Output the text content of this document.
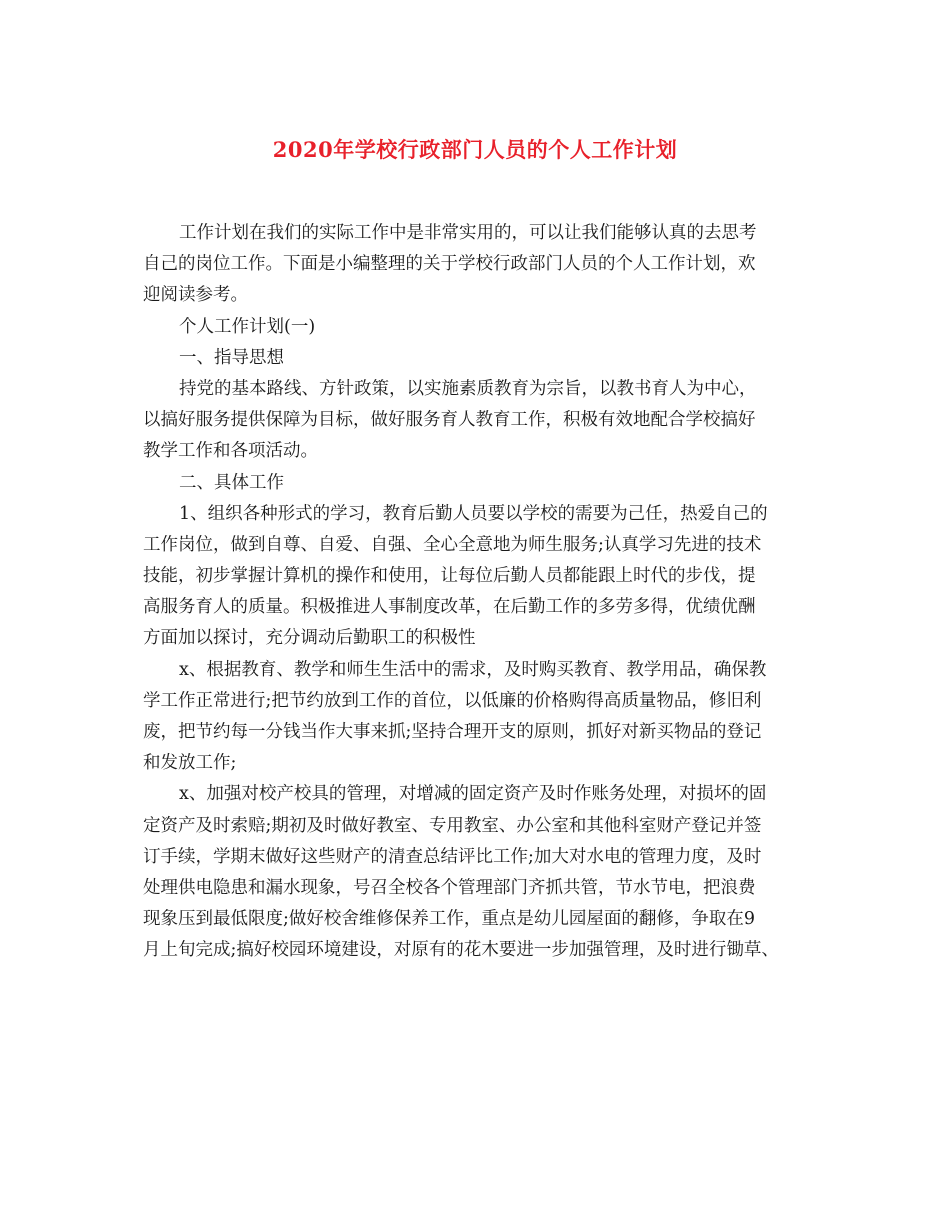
2020年学校行政部门人员的个人工作计划
工作计划在我们的实际工作中是非常实用的，可以让我们能够认真的去思考
自己的岗位工作。下面是小编整理的关于学校行政部门人员的个人工作计划，欢
迎阅读参考。
个人工作计划(一)
一、指导思想
持党的基本路线、方针政策，以实施素质教育为宗旨，以教书育人为中心，
以搞好服务提供保障为目标，做好服务育人教育工作，积极有效地配合学校搞好
教学工作和各项活动。
二、具体工作
1、组织各种形式的学习，教育后勤人员要以学校的需要为己任，热爱自己的
工作岗位，做到自尊、自爱、自强、全心全意地为师生服务;认真学习先进的技术
技能，初步掌握计算机的操作和使用，让每位后勤人员都能跟上时代的步伐，提
高服务育人的质量。积极推进人事制度改革，在后勤工作的多劳多得，优绩优酬
方面加以探讨，充分调动后勤职工的积极性
x、根据教育、教学和师生生活中的需求，及时购买教育、教学用品，确保教
学工作正常进行;把节约放到工作的首位，以低廉的价格购得高质量物品，修旧利
废，把节约每一分钱当作大事来抓;坚持合理开支的原则，抓好对新买物品的登记
和发放工作;
x、加强对校产校具的管理，对增减的固定资产及时作账务处理，对损坏的固
定资产及时索赔;期初及时做好教室、专用教室、办公室和其他科室财产登记并签
订手续，学期末做好这些财产的清查总结评比工作;加大对水电的管理力度，及时
处理供电隐患和漏水现象，号召全校各个管理部门齐抓共管，节水节电，把浪费
现象压到最低限度;做好校舍维修保养工作，重点是幼儿园屋面的翻修，争取在9
月上旬完成;搞好校园环境建设，对原有的花木要进一步加强管理，及时进行锄草、
